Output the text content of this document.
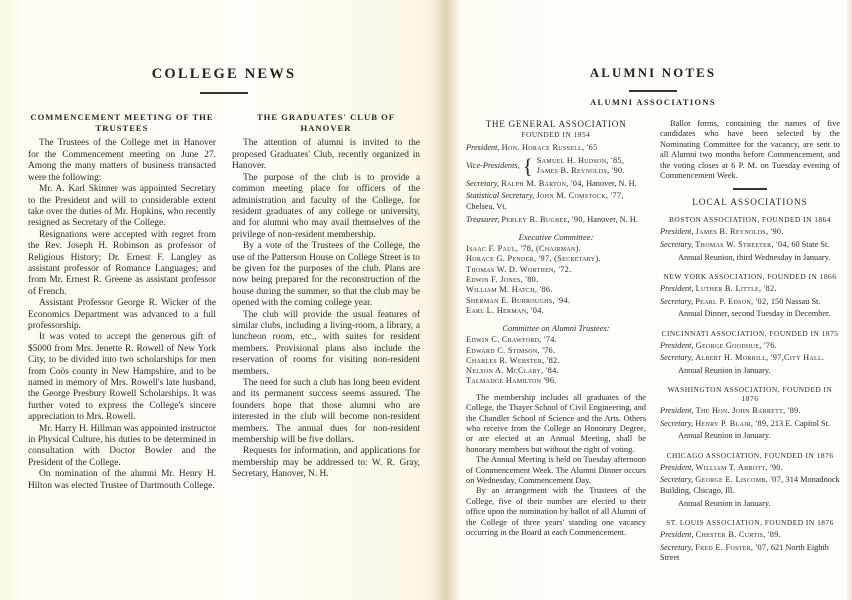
COLLEGE NEWS
COMMENCEMENT MEETING OF THE TRUSTEES

The Trustees of the College met in Hanover for the Commencement meeting on June 27. Among the many matters of business transacted were the following:

Mr. A. Karl Skinner was appointed Secretary to the President and will to considerable extent take over the duties of Mr. Hopkins, who recently resigned as Secretary of the College.

Resignations were accepted with regret from the Rev. Joseph H. Robinson as professor of Religious History; Dr. Ernest F. Langley as assistant professor of Romance Languages; and from Mr. Ernest R. Greene as assistant professor of French.

Assistant Professor George R. Wicker of the Economics Department was advanced to a full professorship.

It was voted to accept the generous gift of $5000 from Mrs. Jenette R. Rowell of New York City, to be divided into two scholarships for men from Coös county in New Hampshire, and to be named in memory of Mrs. Rowell's late husband, the George Presbury Rowell Scholarships. It was further voted to express the College's sincere appreciation to Mrs. Rowell.

Mr. Harry H. Hillman was appointed instructor in Physical Culture, his duties to be determined in consultation with Doctor Bowler and the President of the College.

On nomination of the alumni Mr. Henry H. Hilton was elected Trustee of Dartmouth College.

THE GRADUATES' CLUB OF HANOVER

The attention of alumni is invited to the proposed Graduates' Club, recently organized in Hanover.

The purpose of the club is to provide a common meeting place for officers of the administration and faculty of the College, for resident graduates of any college or university, and for alumni who may avail themselves of the privilege of non-resident membership.

By a vote of the Trustees of the College, the use of the Patterson House on College Street is to be given for the purposes of the club. Plans are now being prepared for the reconstruction of the house during the summer, so that the club may be opened with the coming college year.

The club will provide the usual features of similar clubs, including a living-room, a library, a luncheon room, etc., with suites for resident members. Provisional plans also include the reservation of rooms for visiting non-resident members.

The need for such a club has long been evident and its permanent success seems assured. The founders hope that those alumni who are interested in the club will become non-resident members. The annual dues for non-resident membership will be five dollars.

Requests for information, and applications for membership may be addressed to: W. R. Gray, Secretary, Hanover, N. H.

ALUMNI NOTES
ALUMNI ASSOCIATIONS
THE GENERAL ASSOCIATION
FOUNDED IN 1854
President, Hon. Horace Russell, '65
Vice-Presidents, { Samuel H. Hudson, '85,
James B. Reynolds, '90.
Secretary, Ralph M. Barton, '04, Hanover, N. H.
Statistical Secretary, John M. Comstock, '77, Chelsea, Vt.
Treasurer, Perley R. Bugbee, '90, Hanover, N. H.
Executive Committee:
Isaac F. Paul, '78, (Chairman).
Horace G. Pender, '97, (Secretary).
Thomas W. D. Worthen, '72.
Edwin F. Jones, '80.
William M. Hatch, '86.
Sherman E. Burroughs, '94.
Earl L. Herman, '04.
Committee on Alumni Trustees:
Edwin C. Crawford, '74.
Edward C. Stimson, '76.
Charles R. Webster, '82.
Nelson A. McClary, '84.
Talmadge Hamilton '96.

The membership includes all graduates of the College, the Thayer School of Civil Engineering, and the Chandler School of Science and the Arts. Others who receive from the College an Honorary Degree, or are elected at an Annual Meeting, shall be honorary members but without the right of voting.

The Annual Meeting is held on Tuesday afternoon of Commencement Week. The Alumni Dinner occurs on Wednesday, Commencement Day.

By an arrangement with the Trustees of the College, five of their number are elected to their office upon the nomination by ballot of all Alumni of the College of three years' standing one vacancy occurring in the Board at each Commencement.

Ballot forms, containing the names of five candidates who have been selected by the Nominating Committee for the vacancy, are sent to all Alumni two months before Commencement, and the voting closes at 6 P. M. on Tuesday evening of Commencement Week.

LOCAL ASSOCIATIONS
BOSTON ASSOCIATION, FOUNDED IN 1864
President, James B. Reynolds, '90.
Secretary, Thomas W. Streeter, '04, 60 State St.
Annual Reunion, third Wednesday in January.
NEW YORK ASSOCIATION, FOUNDED IN 1866
President, Luther B. Little, '82.
Secretary, Pearl P. Edson, '02, 150 Nassau St.
Annual Dinner, second Tuesday in December.
CINCINNATI ASSOCIATION, FOUNDED IN 1875
President, George Goodhue, '76.
Secretary, Albert H. Morrill, '97,City Hall.
Annual Reunion in January.
WASHINGTON ASSOCIATION, FOUNDED IN 1876
President, The Hon. John Barrett, '89.
Secretary, Henry P. Blair, '89, 213 E. Capitol St.
Annual Reunion in January.
CHICAGO ASSOCIATION, FOUNDED IN 1876
President, William T. Abbott, '90.
Secretary, George E. Liscomb, '07, 314 Monadnock Building, Chicago, Ill.
Annual Reunion in January.
ST. LOUIS ASSOCIATION, FOUNDED IN 1876
President, Chester B. Curtis, '89.
Secretary, Fred E. Foster, '07, 621 North Eighth Street
